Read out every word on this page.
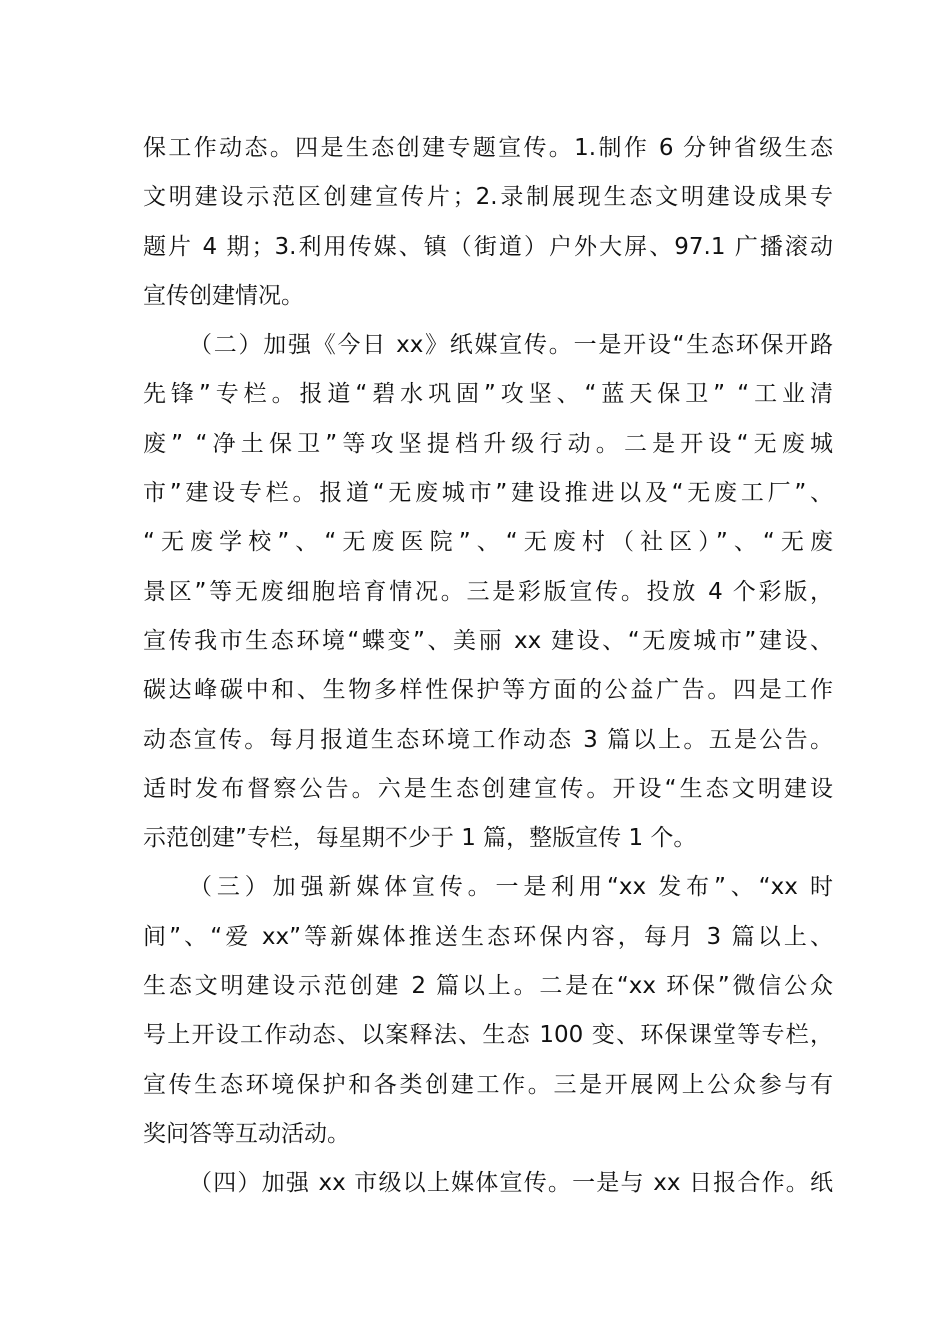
保工作动态。四是生态创建专题宣传。1.制作 6 分钟省级生态
文明建设示范区创建宣传片；2.录制展现生态文明建设成果专
题片 4 期；3.利用传媒、镇（街道）户外大屏、97.1 广播滚动
宣传创建情况。
（二）加强《今日 xx》纸媒宣传。一是开设“生态环保开路
先锋”专栏。报道“碧水巩固”攻坚、“蓝天保卫” “工业清
废” “净土保卫”等攻坚提档升级行动。二是开设“无废城
市”建设专栏。报道“无废城市”建设推进以及“无废工厂”、
“无废学校”、“无废医院”、“无废村（社区）”、“无废
景区”等无废细胞培育情况。三是彩版宣传。投放 4 个彩版，
宣传我市生态环境“蝶变”、美丽 xx 建设、“无废城市”建设、
碳达峰碳中和、生物多样性保护等方面的公益广告。四是工作
动态宣传。每月报道生态环境工作动态 3 篇以上。五是公告。
适时发布督察公告。六是生态创建宣传。开设“生态文明建设
示范创建”专栏，每星期不少于 1 篇，整版宣传 1 个。
（三）加强新媒体宣传。一是利用“xx 发布”、“xx 时
间”、“爱 xx”等新媒体推送生态环保内容，每月 3 篇以上、
生态文明建设示范创建 2 篇以上。二是在“xx 环保”微信公众
号上开设工作动态、以案释法、生态 100 变、环保课堂等专栏，
宣传生态环境保护和各类创建工作。三是开展网上公众参与有
奖问答等互动活动。
（四）加强 xx 市级以上媒体宣传。一是与 xx 日报合作。纸
